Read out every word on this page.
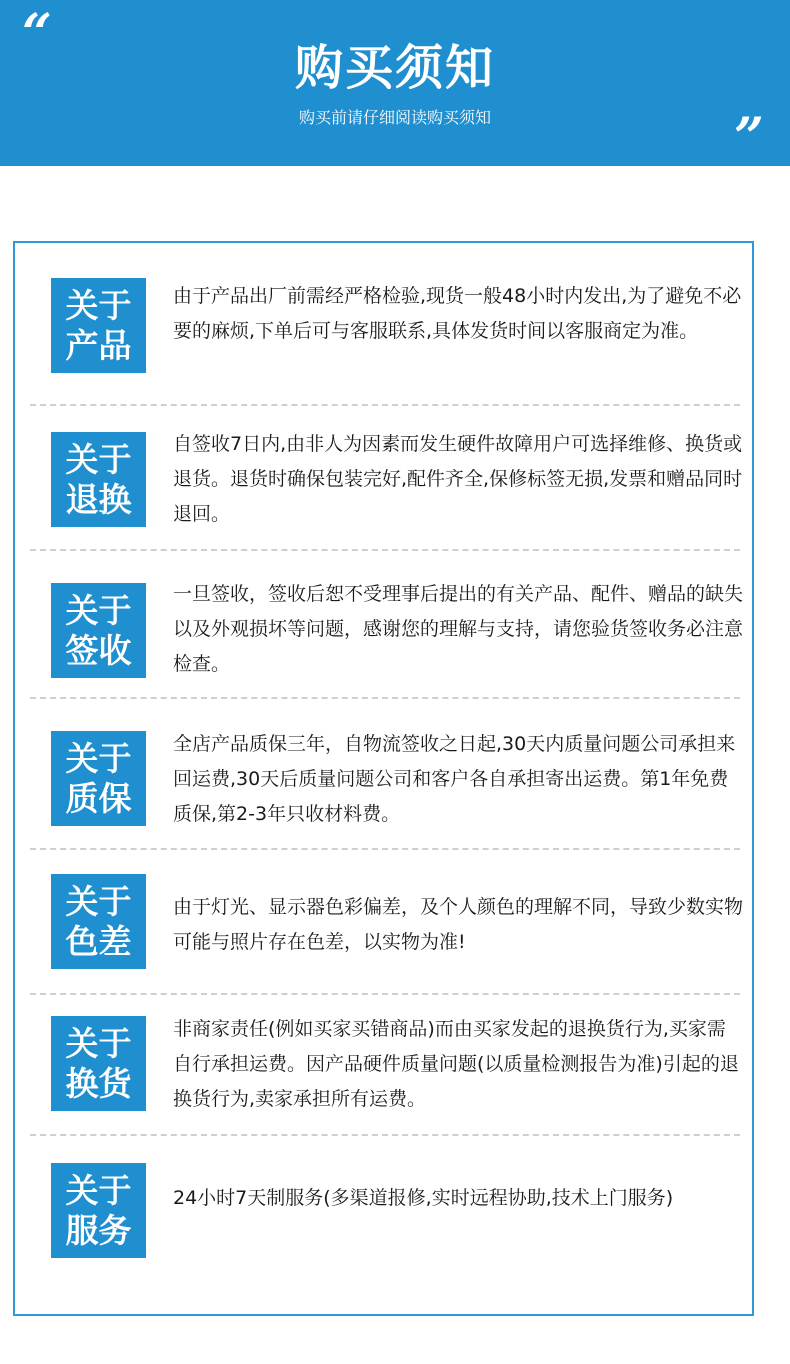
“
购买须知
购买前请仔细阅读购买须知	”
关于
产品
由于产品出厂前需经严格检验,现货一般48小时内发出,为了避免不必要的麻烦,下单后可与客服联系,具体发货时间以客服商定为准。
关于
退换
自签收7日内,由非人为因素而发生硬件故障用户可选择维修、换货或退货。退货时确保包装完好,配件齐全,保修标签无损,发票和赠品同时退回。
关于
签收
一旦签收，签收后恕不受理事后提出的有关产品、配件、赠品的缺失以及外观损坏等问题，感谢您的理解与支持，请您验货签收务必注意检查。
关于
质保
全店产品质保三年，自物流签收之日起,30天内质量问题公司承担来回运费,30天后质量问题公司和客户各自承担寄出运费。第1年免费质保,第2-3年只收材料费。
关于
色差
由于灯光、显示器色彩偏差，及个人颜色的理解不同，导致少数实物可能与照片存在色差，以实物为准!
关于
换货
非商家责任(例如买家买错商品)而由买家发起的退换货行为,买家需自行承担运费。因产品硬件质量问题(以质量检测报告为准)引起的退换货行为,卖家承担所有运费。
关于
服务
24小时7天制服务(多渠道报修,实时远程协助,技术上门服务)
